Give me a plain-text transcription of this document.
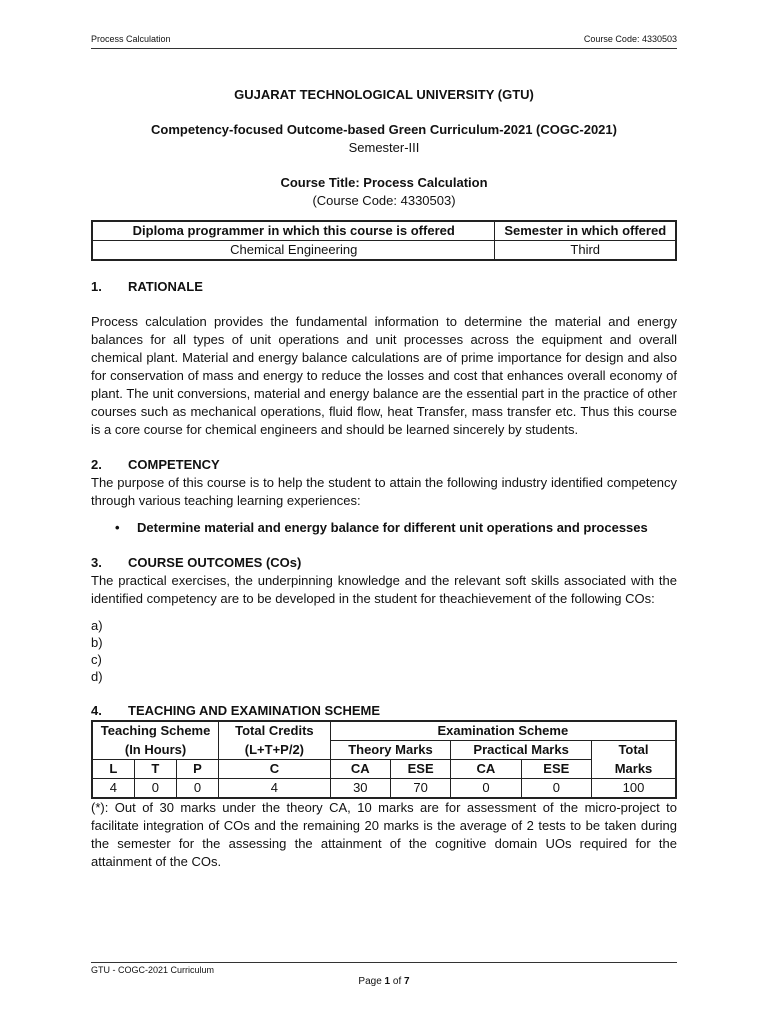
Process Calculation	Course Code: 4330503
GUJARAT TECHNOLOGICAL UNIVERSITY (GTU)
Competency-focused Outcome-based Green Curriculum-2021 (COGC-2021)
Semester-III
Course Title: Process Calculation
(Course Code: 4330503)
Diploma programmer in which this course is offered	Semester in which offered
Chemical Engineering	Third
1.	RATIONALE
Process calculation provides the fundamental information to determine the material and energy balances for all types of unit operations and unit processes across the equipment and overall chemical plant. Material and energy balance calculations are of prime importance for design and also for conservation of mass and energy to reduce the losses and cost that enhances overall economy of plant. The unit conversions, material and energy balance are the essential part in the practice of other courses such as mechanical operations, fluid flow, heat Transfer, mass transfer etc. Thus this course is a core course for chemical engineers and should be learned sincerely by students.
2.	COMPETENCY
The purpose of this course is to help the student to attain the following industry identified competency through various teaching learning experiences:
•	Determine material and energy balance for different unit operations and processes
3.	COURSE OUTCOMES (COs)
The practical exercises, the underpinning knowledge and the relevant soft skills associated with the identified competency are to be developed in the student for theachievement of the following COs:
a)
b)
c)
d)
4.	TEACHING AND EXAMINATION SCHEME
Teaching Scheme			Total Credits	Examination Scheme				
(In Hours)			(L+T+P/2)	Theory Marks		Practical Marks		Total
L	T	P	C	CA	ESE	CA	ESE	Marks
4	0	0	4	30	70	0	0	100
(*): Out of 30 marks under the theory CA, 10 marks are for assessment of the micro-project to facilitate integration of COs and the remaining 20 marks is the average of 2 tests to be taken during the semester for the assessing the attainment of the cognitive domain UOs required for the attainment of the COs.
GTU - COGC-2021 Curriculum
Page 1 of 7
